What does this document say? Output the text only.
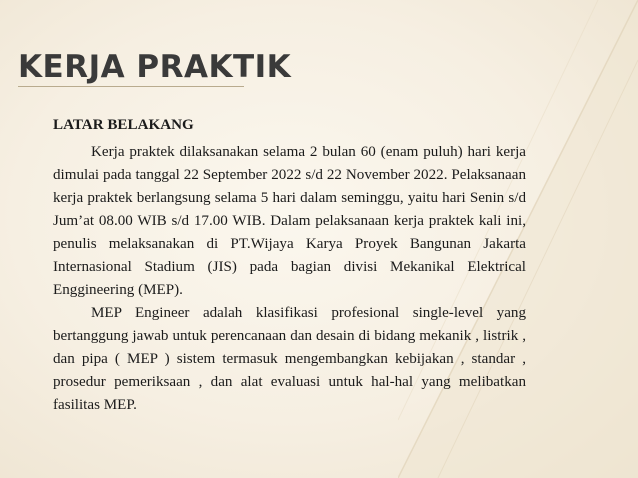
KERJA PRAKTIK

LATAR BELAKANG

Kerja praktek dilaksanakan selama 2 bulan 60 (enam puluh) hari kerja dimulai pada tanggal 22 September 2022 s/d 22 November 2022. Pelaksanaan kerja praktek berlangsung selama 5 hari dalam seminggu, yaitu hari Senin s/d Jum’at 08.00 WIB s/d 17.00 WIB. Dalam pelaksanaan kerja praktek kali ini, penulis melaksanakan di PT.Wijaya Karya Proyek Bangunan Jakarta Internasional Stadium (JIS) pada bagian divisi Mekanikal Elektrical Enggineering (MEP).

MEP Engineer adalah klasifikasi profesional single-level yang bertanggung jawab untuk perencanaan dan desain di bidang mekanik , listrik , dan pipa ( MEP ) sistem termasuk mengembangkan kebijakan , standar , prosedur pemeriksaan , dan alat evaluasi untuk hal-hal yang melibatkan fasilitas MEP.
